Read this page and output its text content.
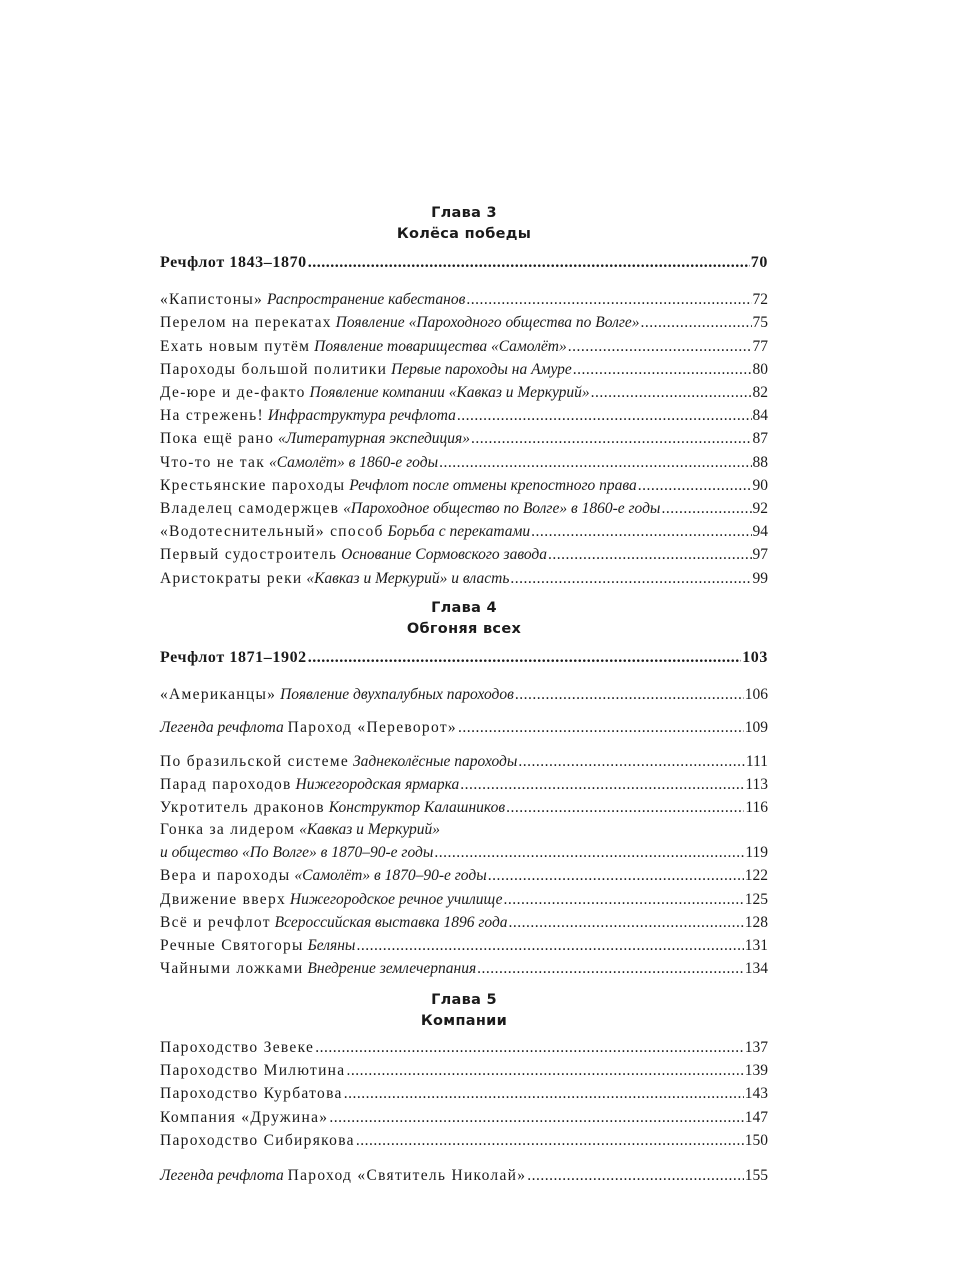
Глава 3
Колёса победы
Речфлот 1843–1870 .....	70
«Капистоны» Распространение кабестанов .....	72
Перелом на перекатах Появление «Пароходного общества по Волге» .....	75
Ехать новым путём Появление товарищества «Самолёт» .....	77
Пароходы большой политики Первые пароходы на Амуре .....	80
Де-юре и де-факто Появление компании «Кавказ и Меркурий» .....	82
На стрежень! Инфраструктура речфлота .....	84
Пока ещё рано «Литературная экспедиция» .....	87
Что-то не так «Самолёт» в 1860-е годы .....	88
Крестьянские пароходы Речфлот после отмены крепостного права .....	90
Владелец самодержцев «Пароходное общество по Волге» в 1860-е годы .....	92
«Водотеснительный» способ Борьба с перекатами .....	94
Первый судостроитель Основание Сормовского завода .....	97
Аристократы реки «Кавказ и Меркурий» и власть .....	99
Глава 4
Обгоняя всех
Речфлот 1871–1902 .....	103
«Американцы» Появление двухпалубных пароходов .....	106
Легенда речфлота Пароход «Переворот» .....	109
По бразильской системе Заднеколёсные пароходы .....	111
Парад пароходов Нижегородская ярмарка .....	113
Укротитель драконов Конструктор Калашников .....	116
Гонка за лидером «Кавказ и Меркурий»
и общество «По Волге» в 1870–90-е годы .....	119
Вера и пароходы «Самолёт» в 1870–90-е годы .....	122
Движение вверх Нижегородское речное училище .....	125
Всё и речфлот Всероссийская выставка 1896 года .....	128
Речные Святогоры Беляны .....	131
Чайными ложками Внедрение землечерпания .....	134
Глава 5
Компании
Пароходство Зевеке .....	137
Пароходство Милютина .....	139
Пароходство Курбатова .....	143
Компания «Дружина» .....	147
Пароходство Сибирякова .....	150
Легенда речфлота Пароход «Святитель Николай» .....	155
